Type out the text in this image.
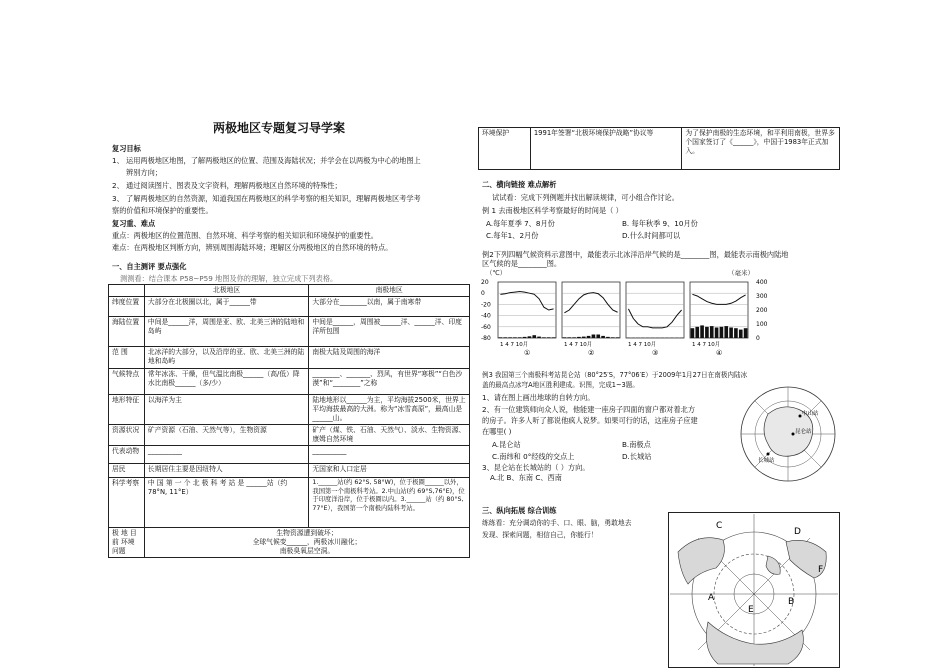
两极地区专题复习导学案
复习目标
1、 运用两极地区地图，了解两极地区的位置、范围及海陆状况；并学会在以两极为中心的地图上
辨别方向；
2、 通过阅读图片、图表及文字资料，理解两极地区自然环境的特殊性；
3、 了解两极地区的自然资源，知道我国在两极地区的科学考察的相关知识，理解两极地区考学考
察的价值和环境保护的重要性。
复习重、难点
重点：两极地区的位置范围、自然环境、科学考察的相关知识和环境保护的重要性。
难点：在两极地区判断方向，辨别周围海陆环境；理解区分两极地区的自然环境的特点。
一、自主测评 要点强化
测测看：结合课本 P58~P59 地图及你的理解，独立完成下列表格。
	北极地区	南极地区
纬度位置	大部分在北极圈以北，属于______带	大部分在________以南，属于南寒带
海陆位置	中间是______洋，周围是亚、欧、北美三洲的陆地和岛屿	中间是______，周围被______洋、______洋、印度洋所包围
范 围	北冰洋的大部分，以及沿岸的亚、欧、北美三洲的陆地和岛屿	南极大陆及周围的海洋
气候特点	常年冰冻、干燥，但气温比南极______（高/低）降水比南极______（多/少）	________、_______、烈风，有世界“寒极”“白色沙漠”和“________”之称
地形特征	以海洋为主	陆地地形以______为主，平均海拔2500米，世界上平均海拔最高的大洲。称为“冰雪高原”，最高山是______山。
资源状况	矿产资源（石油、天然气等），生物资源	矿产（煤、铁、石油、天然气）、淡水、生物资源、康姆自然环境
代表动物	__________	__________
居民	长期居住主要是因纽特人	无国家和人口定居
科学考察	中 国 第 一 个 北 极 科 考 站 是 ______站（约78°N, 11°E）	1.______站(约 62°S, 58°W)，位于极圈______以外，我国第一个南极科考站。2.中山站(约 69°S,76°E)，位于印度洋沿岸，位于极圈以内。3.______站（约 80°S, 77°E），我国第一个南极内陆科考站。
极 地 目 前 环境问题	生物资源遭到破坏；
全球气候变______，两极冰川融化；
南极臭氧层空洞。	
环境保护	1991年签署“北极环境保护战略”协议等	为了保护南极的生态环境，和平利用南极，世界多个国家签订了《______》，中国于1983年正式加入。
二、横向链接 难点解析
试试看：完成下列例题并找出解读规律，可小组合作讨论。
例 1 去南极地区科学考察最好的时间是（ ）
A.每年夏季 7、8月份	B. 每年秋季 9、10月份
C.每年1、2月份	D.什么时间都可以
例2下列四幅气候资料示意图中，最能表示北冰洋沿岸气候的是________图，最能表示南极内陆地
区气候的是________图。
（℃）	（毫米）
20
0
-20
-40
-60
-80
400
300
200
100
0
1 4 7 10月
①
1 4 7 10月
②
1 4 7 10月
③
1 4 7 10月
④
例3 我国第三个南极科考站昆仑站（80°25′S，77°06′E）于2009年1月27日在南极内陆冰
盖的最高点冰穹A地区胜利建成。识图，完成1~3题。
1、请在图上画出地球的自转方向。
2、有一位建筑师向众人说，他能建一座房子四面的窗户都对着北方
的房子。许多人听了都说他疯人说梦。如果可行的话，这座房子应建
在哪里( )
A.昆仑站	B.南极点
C.南纬和 0°经线的交点上	D.长城站
3、昆仑站在长城站的（ ）方向。
A.北 B、东南 C、西南
中山站
昆仑站
长城站
三、纵向拓展 综合训练
练练看：充分调动你的手、口、眼、脑，勇敢地去
发现、探索问题，相信自己，你能行！
A	B
C
D
E
F
